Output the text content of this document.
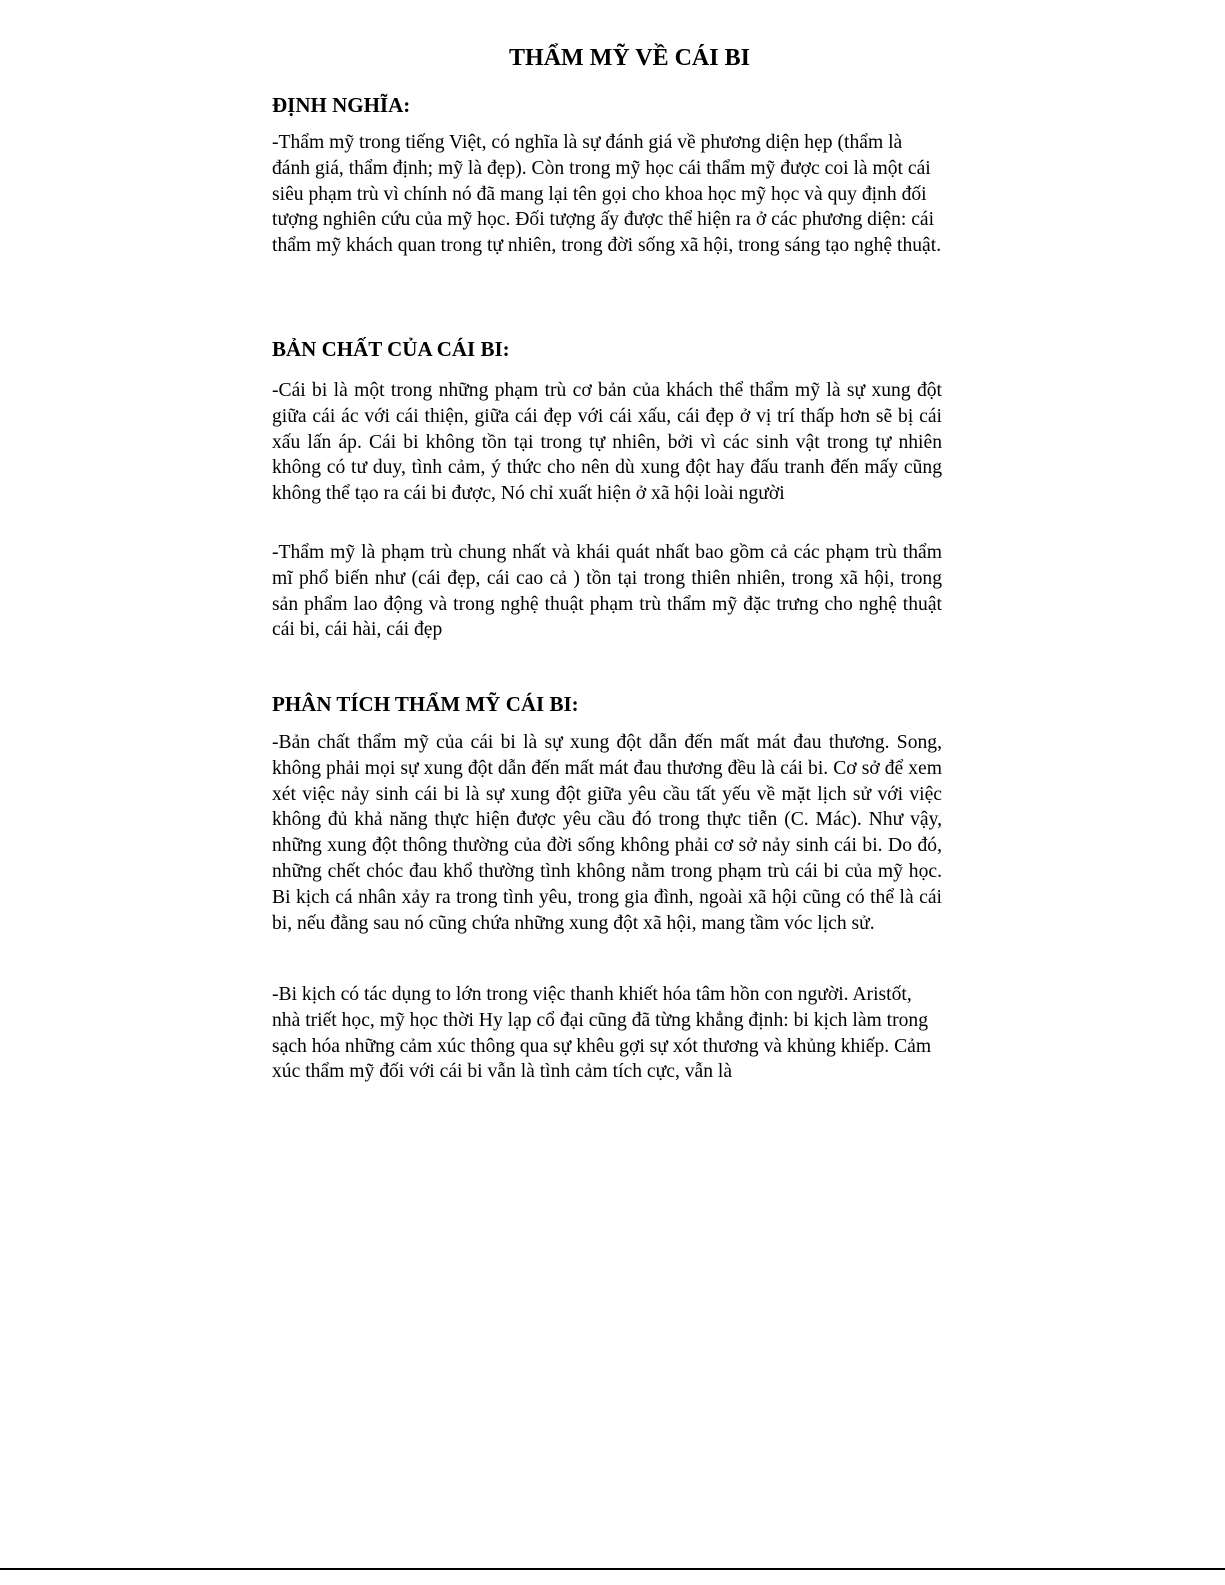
THẨM MỸ VỀ CÁI BI
ĐỊNH NGHĨA:

-Thẩm mỹ trong tiếng Việt, có nghĩa là sự đánh giá về phương diện hẹp (thẩm là đánh giá, thẩm định; mỹ là đẹp). Còn trong mỹ học cái thẩm mỹ được coi là một cái siêu phạm trù vì chính nó đã mang lại tên gọi cho khoa học mỹ học và quy định đối tượng nghiên cứu của mỹ học. Đối tượng ấy được thể hiện ra ở các phương diện: cái thẩm mỹ khách quan trong tự nhiên, trong đời sống xã hội, trong sáng tạo nghệ thuật.

BẢN CHẤT CỦA CÁI BI:

-Cái bi là một trong những phạm trù cơ bản của khách thể thẩm mỹ là sự xung đột giữa cái ác với cái thiện, giữa cái đẹp với cái xấu, cái đẹp ở vị trí thấp hơn sẽ bị cái xấu lấn áp. Cái bi không tồn tại trong tự nhiên, bởi vì các sinh vật trong tự nhiên không có tư duy, tình cảm, ý thức cho nên dù xung đột hay đấu tranh đến mấy cũng không thể tạo ra cái bi được, Nó chỉ xuất hiện ở xã hội loài người

-Thẩm mỹ là phạm trù chung nhất và khái quát nhất bao gồm cả các phạm trù thẩm mĩ phổ biến như (cái đẹp, cái cao cả ) tồn tại trong thiên nhiên, trong xã hội, trong sản phẩm lao động và trong nghệ thuật phạm trù thẩm mỹ đặc trưng cho nghệ thuật cái bi, cái hài, cái đẹp

PHÂN TÍCH THẨM MỸ CÁI BI:

-Bản chất thẩm mỹ của cái bi là sự xung đột dẫn đến mất mát đau thương. Song, không phải mọi sự xung đột dẫn đến mất mát đau thương đều là cái bi. Cơ sở để xem xét việc nảy sinh cái bi là sự xung đột giữa yêu cầu tất yếu về mặt lịch sử với việc không đủ khả năng thực hiện được yêu cầu đó trong thực tiễn (C. Mác). Như vậy, những xung đột thông thường của đời sống không phải cơ sở nảy sinh cái bi. Do đó, những chết chóc đau khổ thường tình không nằm trong phạm trù cái bi của mỹ học. Bi kịch cá nhân xảy ra trong tình yêu, trong gia đình, ngoài xã hội cũng có thể là cái bi, nếu đằng sau nó cũng chứa những xung đột xã hội, mang tầm vóc lịch sử.

-Bi kịch có tác dụng to lớn trong việc thanh khiết hóa tâm hồn con người. Aristốt, nhà triết học, mỹ học thời Hy lạp cổ đại cũng đã từng khẳng định: bi kịch làm trong sạch hóa những cảm xúc thông qua sự khêu gợi sự xót thương và khủng khiếp. Cảm xúc thẩm mỹ đối với cái bi vẫn là tình cảm tích cực, vẫn là
